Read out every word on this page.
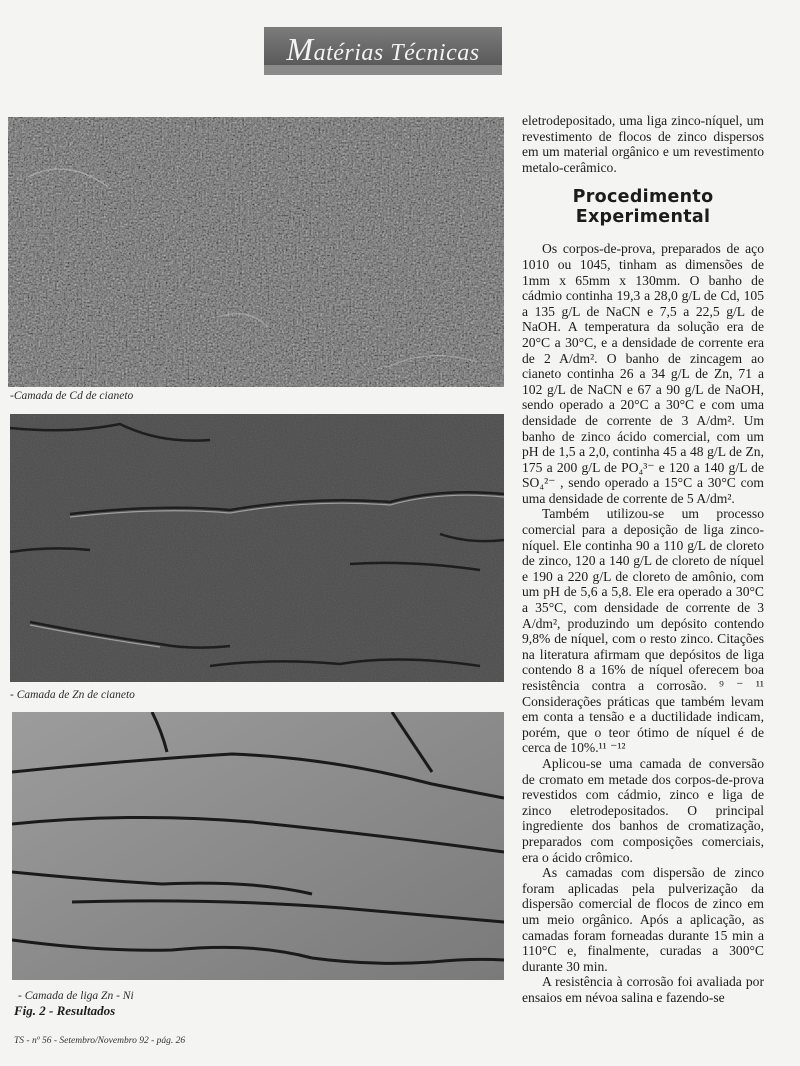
Matérias Técnicas
-Camada de Cd de cianeto
- Camada de Zn de cianeto
- Camada de liga Zn - Ni
Fig. 2 - Resultados

eletrodepositado, uma liga zinco-níquel, um revestimento de flocos de zinco dispersos em um material orgânico e um revestimento metalo-cerâmico.

Procedimento
Experimental

Os corpos-de-prova, preparados de aço 1010 ou 1045, tinham as dimensões de 1mm x 65mm x 130mm. O banho de cádmio continha 19,3 a 28,0 g/L de Cd, 105 a 135 g/L de NaCN e 7,5 a 22,5 g/L de NaOH. A temperatura da solução era de 20°C a 30°C, e a densidade de corrente era de 2 A/dm². O banho de zincagem ao cianeto continha 26 a 34 g/L de Zn, 71 a 102 g/L de NaCN e 67 a 90 g/L de NaOH, sendo operado a 20°C a 30°C e com uma densidade de corrente de 3 A/dm². Um banho de zinco ácido comercial, com um pH de 1,5 a 2,0, continha 45 a 48 g/L de Zn, 175 a 200 g/L de PO₄³⁻ e 120 a 140 g/L de SO₄²⁻ , sendo operado a 15°C a 30°C com uma densidade de corrente de 5 A/dm².

Também utilizou-se um processo comercial para a deposição de liga zinco-níquel. Ele continha 90 a 110 g/L de cloreto de zinco, 120 a 140 g/L de cloreto de níquel e 190 a 220 g/L de cloreto de amônio, com um pH de 5,6 a 5,8. Ele era operado a 30°C a 35°C, com densidade de corrente de 3 A/dm², produzindo um depósito contendo 9,8% de níquel, com o resto zinco. Citações na literatura afirmam que depósitos de liga contendo 8 a 16% de níquel oferecem boa resistência contra a corrosão. ⁹ ⁻ ¹¹ Considerações práticas que também levam em conta a tensão e a ductilidade indicam, porém, que o teor ótimo de níquel é de cerca de 10%.¹¹ ⁻¹²

Aplicou-se uma camada de conversão de cromato em metade dos corpos-de-prova revestidos com cádmio, zinco e liga de zinco eletrodepositados. O principal ingrediente dos banhos de cromatização, preparados com composições comerciais, era o ácido crômico.

As camadas com dispersão de zinco foram aplicadas pela pulverização da dispersão comercial de flocos de zinco em um meio orgânico. Após a aplicação, as camadas foram forneadas durante 15 min a 110°C e, finalmente, curadas a 300°C durante 30 min.

A resistência à corrosão foi avaliada por ensaios em névoa salina e fazendo-se

TS - nº 56 - Setembro/Novembro 92 - pág. 26
